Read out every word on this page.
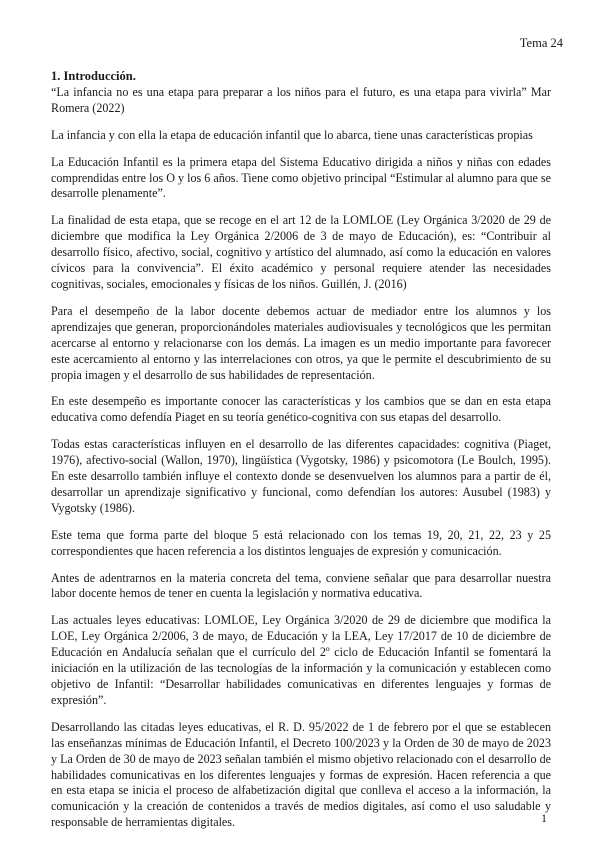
Tema 24

1. Introducción.

“La infancia no es una etapa para preparar a los niños para el futuro, es una etapa para vivirla” Mar Romera (2022)

La infancia y con ella la etapa de educación infantil que lo abarca, tiene unas características propias

La Educación Infantil es la primera etapa del Sistema Educativo dirigida a niños y niñas con edades comprendidas entre los O y los 6 años. Tiene como objetivo principal “Estimular al alumno para que se desarrolle plenamente”.

La finalidad de esta etapa, que se recoge en el art 12 de la LOMLOE (Ley Orgánica 3/2020 de 29 de diciembre que modifica la Ley Orgánica 2/2006 de 3 de mayo de Educación), es: “Contribuir al desarrollo físico, afectivo, social, cognitivo y artístico del alumnado, así como la educación en valores cívicos para la convivencia”. El éxito académico y personal requiere atender las necesidades cognitivas, sociales, emocionales y físicas de los niños. Guillén, J. (2016)

Para el desempeño de la labor docente debemos actuar de mediador entre los alumnos y los aprendizajes que generan, proporcionándoles materiales audiovisuales y tecnológicos que les permitan acercarse al entorno y relacionarse con los demás. La imagen es un medio importante para favorecer este acercamiento al entorno y las interrelaciones con otros, ya que le permite el descubrimiento de su propia imagen y el desarrollo de sus habilidades de representación.

En este desempeño es importante conocer las características y los cambios que se dan en esta etapa educativa como defendía Piaget en su teoría genético-cognitiva con sus etapas del desarrollo.

Todas estas características influyen en el desarrollo de las diferentes capacidades: cognitiva (Piaget, 1976), afectivo-social (Wallon, 1970), lingüística (Vygotsky, 1986) y psicomotora (Le Boulch, 1995). En este desarrollo también influye el contexto donde se desenvuelven los alumnos para a partir de él, desarrollar un aprendizaje significativo y funcional, como defendían los autores: Ausubel (1983) y Vygotsky (1986).

Este tema que forma parte del bloque 5 está relacionado con los temas 19, 20, 21, 22, 23 y 25 correspondientes que hacen referencia a los distintos lenguajes de expresión y comunicación.

Antes de adentrarnos en la materia concreta del tema, conviene señalar que para desarrollar nuestra labor docente hemos de tener en cuenta la legislación y normativa educativa.

Las actuales leyes educativas: LOMLOE, Ley Orgánica 3/2020 de 29 de diciembre que modifica la LOE, Ley Orgánica 2/2006, 3 de mayo, de Educación y la LEA, Ley 17/2017 de 10 de diciembre de Educación en Andalucía señalan que el currículo del 2º ciclo de Educación Infantil se fomentará la iniciación en la utilización de las tecnologías de la información y la comunicación y establecen como objetivo de Infantil: “Desarrollar habilidades comunicativas en diferentes lenguajes y formas de expresión”.

Desarrollando las citadas leyes educativas, el R. D. 95/2022 de 1 de febrero por el que se establecen las enseñanzas mínimas de Educación Infantil, el Decreto 100/2023 y la Orden de 30 de mayo de 2023 y La Orden de 30 de mayo de 2023 señalan también el mismo objetivo relacionado con el desarrollo de habilidades comunicativas en los diferentes lenguajes y formas de expresión. Hacen referencia a que en esta etapa se inicia el proceso de alfabetización digital que conlleva el acceso a la información, la comunicación y la creación de contenidos a través de medios digitales, así como el uso saludable y responsable de herramientas digitales.	1
